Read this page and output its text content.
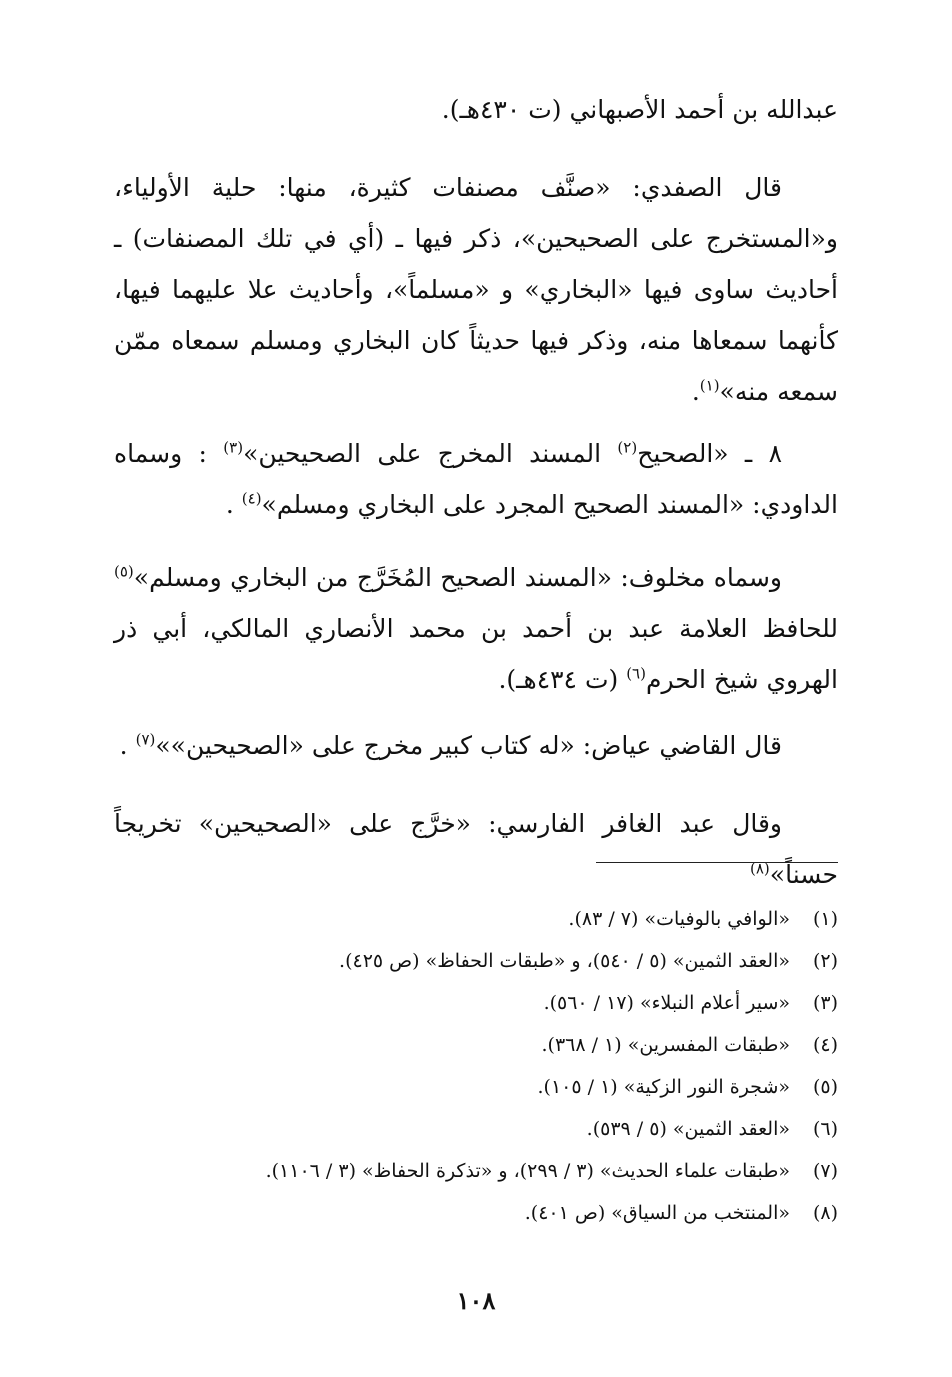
عبدالله بن أحمد الأصبهاني (ت ٤٣٠هـ).

قال الصفدي: «صنَّف مصنفات كثيرة، منها: حلية الأولياء، و«المستخرج على الصحيحين»، ذكر فيها ـ (أي في تلك المصنفات) ـ أحاديث ساوى فيها «البخاري» و «مسلماً»، وأحاديث علا عليهما فيها، كأنهما سمعاها منه، وذكر فيها حديثاً كان البخاري ومسلم سمعاه ممّن سمعه منه»$^{(١)}$.

٨ ـ «الصحيح$^{(٢)}$ المسند المخرج على الصحيحين»$^{(٣)}$ : وسماه الداودي: «المسند الصحيح المجرد على البخاري ومسلم»$^{(٤)}$ .

وسماه مخلوف: «المسند الصحيح المُخَرَّج من البخاري ومسلم»$^{(٥)}$ للحافظ العلامة عبد بن أحمد بن محمد الأنصاري المالكي، أبي ذر الهروي شيخ الحرم$^{(٦)}$ (ت ٤٣٤هـ).

قال القاضي عياض: «له كتاب كبير مخرج على «الصحيحين»»$^{(٧)}$ .

وقال عبد الغافر الفارسي: «خرَّج على «الصحيحين» تخريجاً حسناً»$^{(٨)}$

(١)
«الوافي بالوفيات» (٧ / ٨٣).
(٢)
«العقد الثمين» (٥ / ٥٤٠)، و «طبقات الحفاظ» (ص ٤٢٥).
(٣)
«سير أعلام النبلاء» (١٧ / ٥٦٠).
(٤)
«طبقات المفسرين» (١ / ٣٦٨).
(٥)
«شجرة النور الزكية» (١ / ١٠٥).
(٦)
«العقد الثمين» (٥ / ٥٣٩).
(٧)
«طبقات علماء الحديث» (٣ / ٢٩٩)، و «تذكرة الحفاظ» (٣ / ١١٠٦).
(٨)
«المنتخب من السياق» (ص ٤٠١).
١٠٨
